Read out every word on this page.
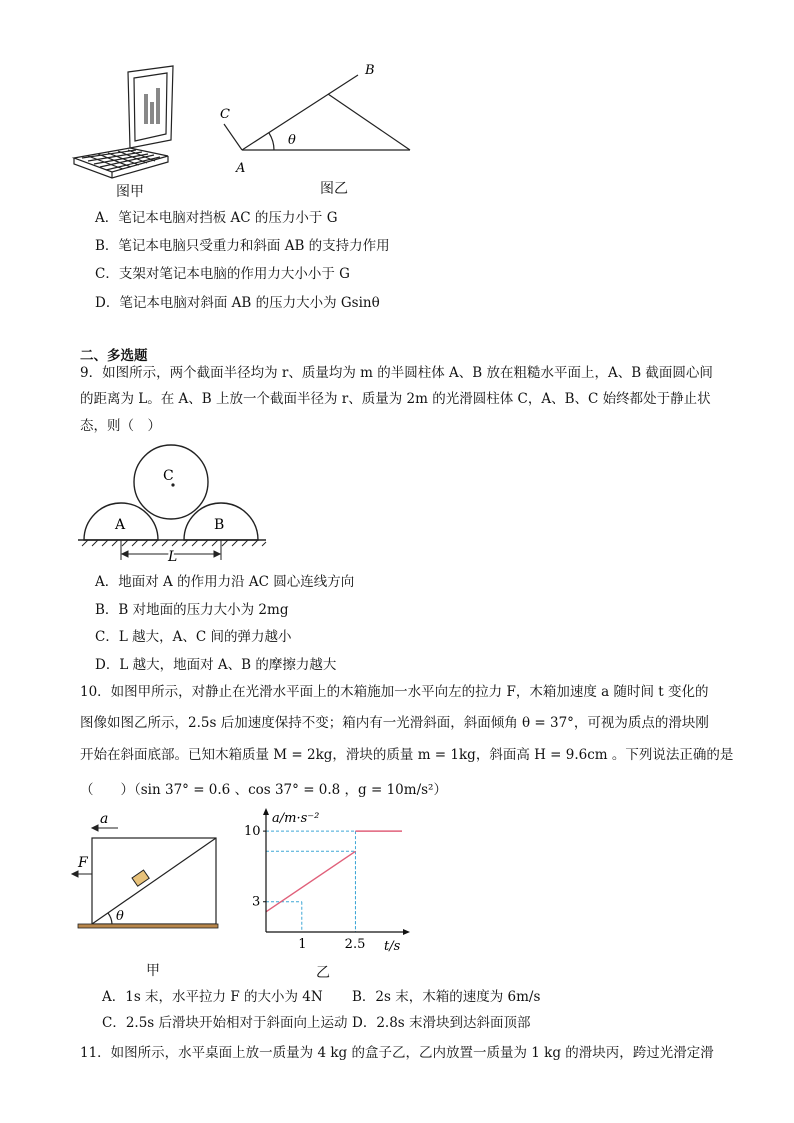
图甲
C
A
B
θ
图乙
A．笔记本电脑对挡板 AC 的压力小于 G
B．笔记本电脑只受重力和斜面 AB 的支持力作用
C．支架对笔记本电脑的作用力大小小于 G
D．笔记本电脑对斜面 AB 的压力大小为 Gsinθ
二、多选题
9．如图所示，两个截面半径均为 r、质量均为 m 的半圆柱体 A、B 放在粗糙水平面上，A、B 截面圆心间
的距离为 L。在 A、B 上放一个截面半径为 r、质量为 2m 的光滑圆柱体 C，A、B、C 始终都处于静止状
态，则（　）
A	B
C
L
A．地面对 A 的作用力沿 AC 圆心连线方向
B．B 对地面的压力大小为 2mg
C．L 越大，A、C 间的弹力越小
D．L 越大，地面对 A、B 的摩擦力越大
10．如图甲所示，对静止在光滑水平面上的木箱施加一水平向左的拉力 F，木箱加速度 a 随时间 t 变化的
图像如图乙所示，2.5s 后加速度保持不变；箱内有一光滑斜面，斜面倾角 θ = 37°，可视为质点的滑块刚
开始在斜面底部。已知木箱质量 M = 2kg，滑块的质量 m = 1kg，斜面高 H = 9.6cm 。下列说法正确的是
（　　）（sin 37° = 0.6 、cos 37° = 0.8 ，g = 10m/s²）
a
F
θ
甲
1	2.5
3
10
a/m·s⁻²
t/s
乙
A．1s 末，水平拉力 F 的大小为 4N B．2s 末，木箱的速度为 6m/s
C．2.5s 后滑块开始相对于斜面向上运动 D．2.8s 末滑块到达斜面顶部
11．如图所示，水平桌面上放一质量为 4 kg 的盒子乙，乙内放置一质量为 1 kg 的滑块丙，跨过光滑定滑
